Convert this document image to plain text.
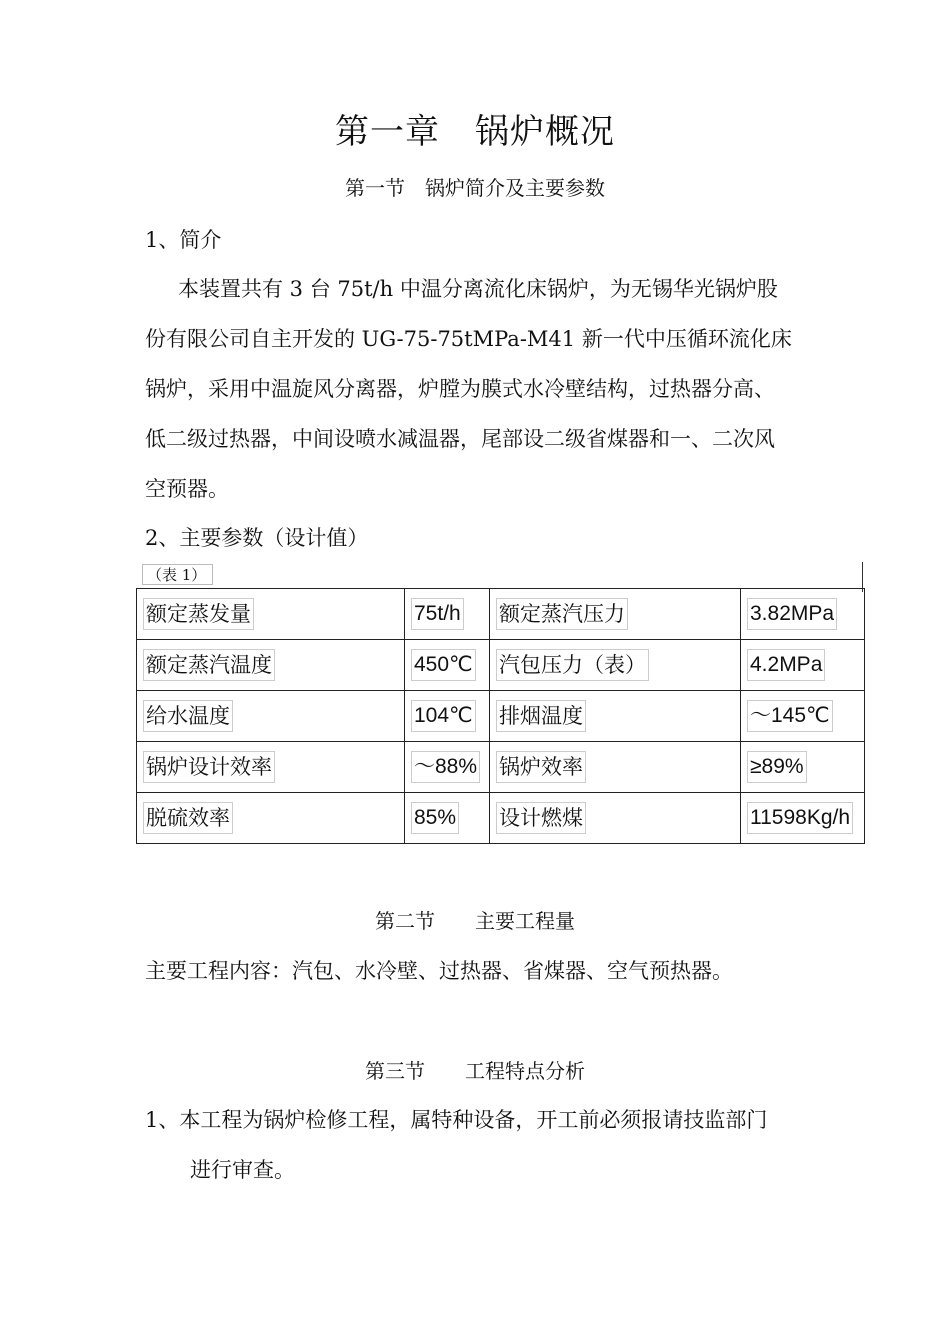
第一章　锅炉概况
第一节　锅炉简介及主要参数
1、简介
本装置共有 3 台 75t/h 中温分离流化床锅炉，为无锡华光锅炉股
份有限公司自主开发的 UG-75-75tMPa-M41 新一代中压循环流化床
锅炉，采用中温旋风分离器，炉膛为膜式水冷壁结构，过热器分高、
低二级过热器，中间设喷水减温器，尾部设二级省煤器和一、二次风
空预器。
2、主要参数（设计值）
（表 1）
额定蒸发量	75t/h	额定蒸汽压力	3.82MPa
额定蒸汽温度	450℃	汽包压力（表）	4.2MPa
给水温度	104℃	排烟温度	～145℃
锅炉设计效率	～88%	锅炉效率	≥89%
脱硫效率	85%	设计燃煤	11598Kg/h
第二节　　主要工程量
主要工程内容：汽包、水冷壁、过热器、省煤器、空气预热器。
第三节　　工程特点分析
1、本工程为锅炉检修工程，属特种设备，开工前必须报请技监部门
进行审查。
